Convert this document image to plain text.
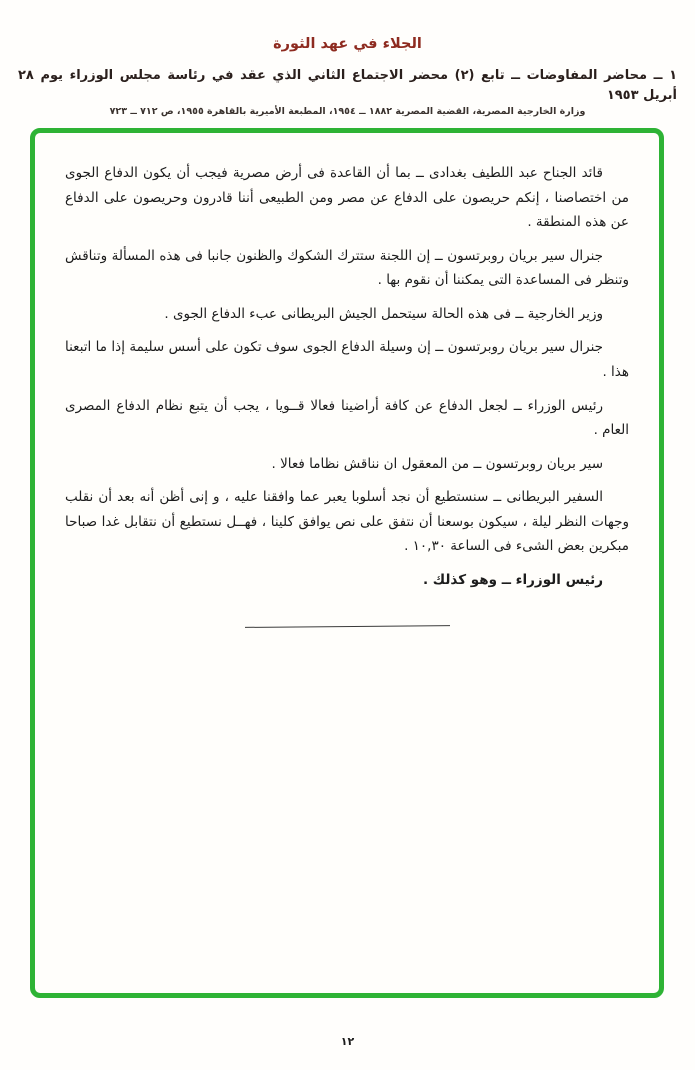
الجلاء في عهد الثورة
١ ــ محاضر المفاوضات ــ تابع (٢) محضر الاجتماع الثاني الذي عقد في رئاسة مجلس الوزراء يوم ٢٨ أبريل ١٩٥٣
وزارة الخارجية المصرية، القضية المصرية ١٨٨٢ ــ ١٩٥٤، المطبعة الأميرية بالقاهرة ١٩٥٥، ص ٧١٢ ــ ٧٢٣

قائد الجناح عبد اللطيف بغدادى ــ بما أن القاعدة فى أرض مصرية فيجب أن يكون الدفاع الجوى من اختصاصنا ، إنكم حريصون على الدفاع عن مصر ومن الطبيعى أننا قادرون وحريصون على الدفاع عن هذه المنطقة .

جنرال سير بريان روبرتسون ــ إن اللجنة ستترك الشكوك والظنون جانبا فى هذه المسألة وتناقش وتنظر فى المساعدة التى يمكننا أن نقوم بها .

وزير الخارجية ــ فى هذه الحالة سيتحمل الجيش البريطانى عبء الدفاع الجوى .

جنرال سير بريان روبرتسون ــ إن وسيلة الدفاع الجوى سوف تكون على أسس سليمة إذا ما اتبعنا هذا .

رئيس الوزراء ــ لجعل الدفاع عن كافة أراضينا فعالا قــويا ، يجب أن يتبع نظام الدفاع المصرى العام .

سير بريان روبرتسون ــ من المعقول ان نناقش نظاما فعالا .

السفير البريطانى ــ سنستطيع أن نجد أسلوبا يعبر عما وافقنا عليه ، و إنى أظن أنه بعد أن نقلب وجهات النظر ليلة ، سيكون بوسعنا أن نتفق على نص يوافق كلينا ، فهــل نستطيع أن نتقابل غدا صباحا مبكرين بعض الشىء فى الساعة ١٠,٣٠ .

رئيس الوزراء ــ وهو كذلك .

١٢
